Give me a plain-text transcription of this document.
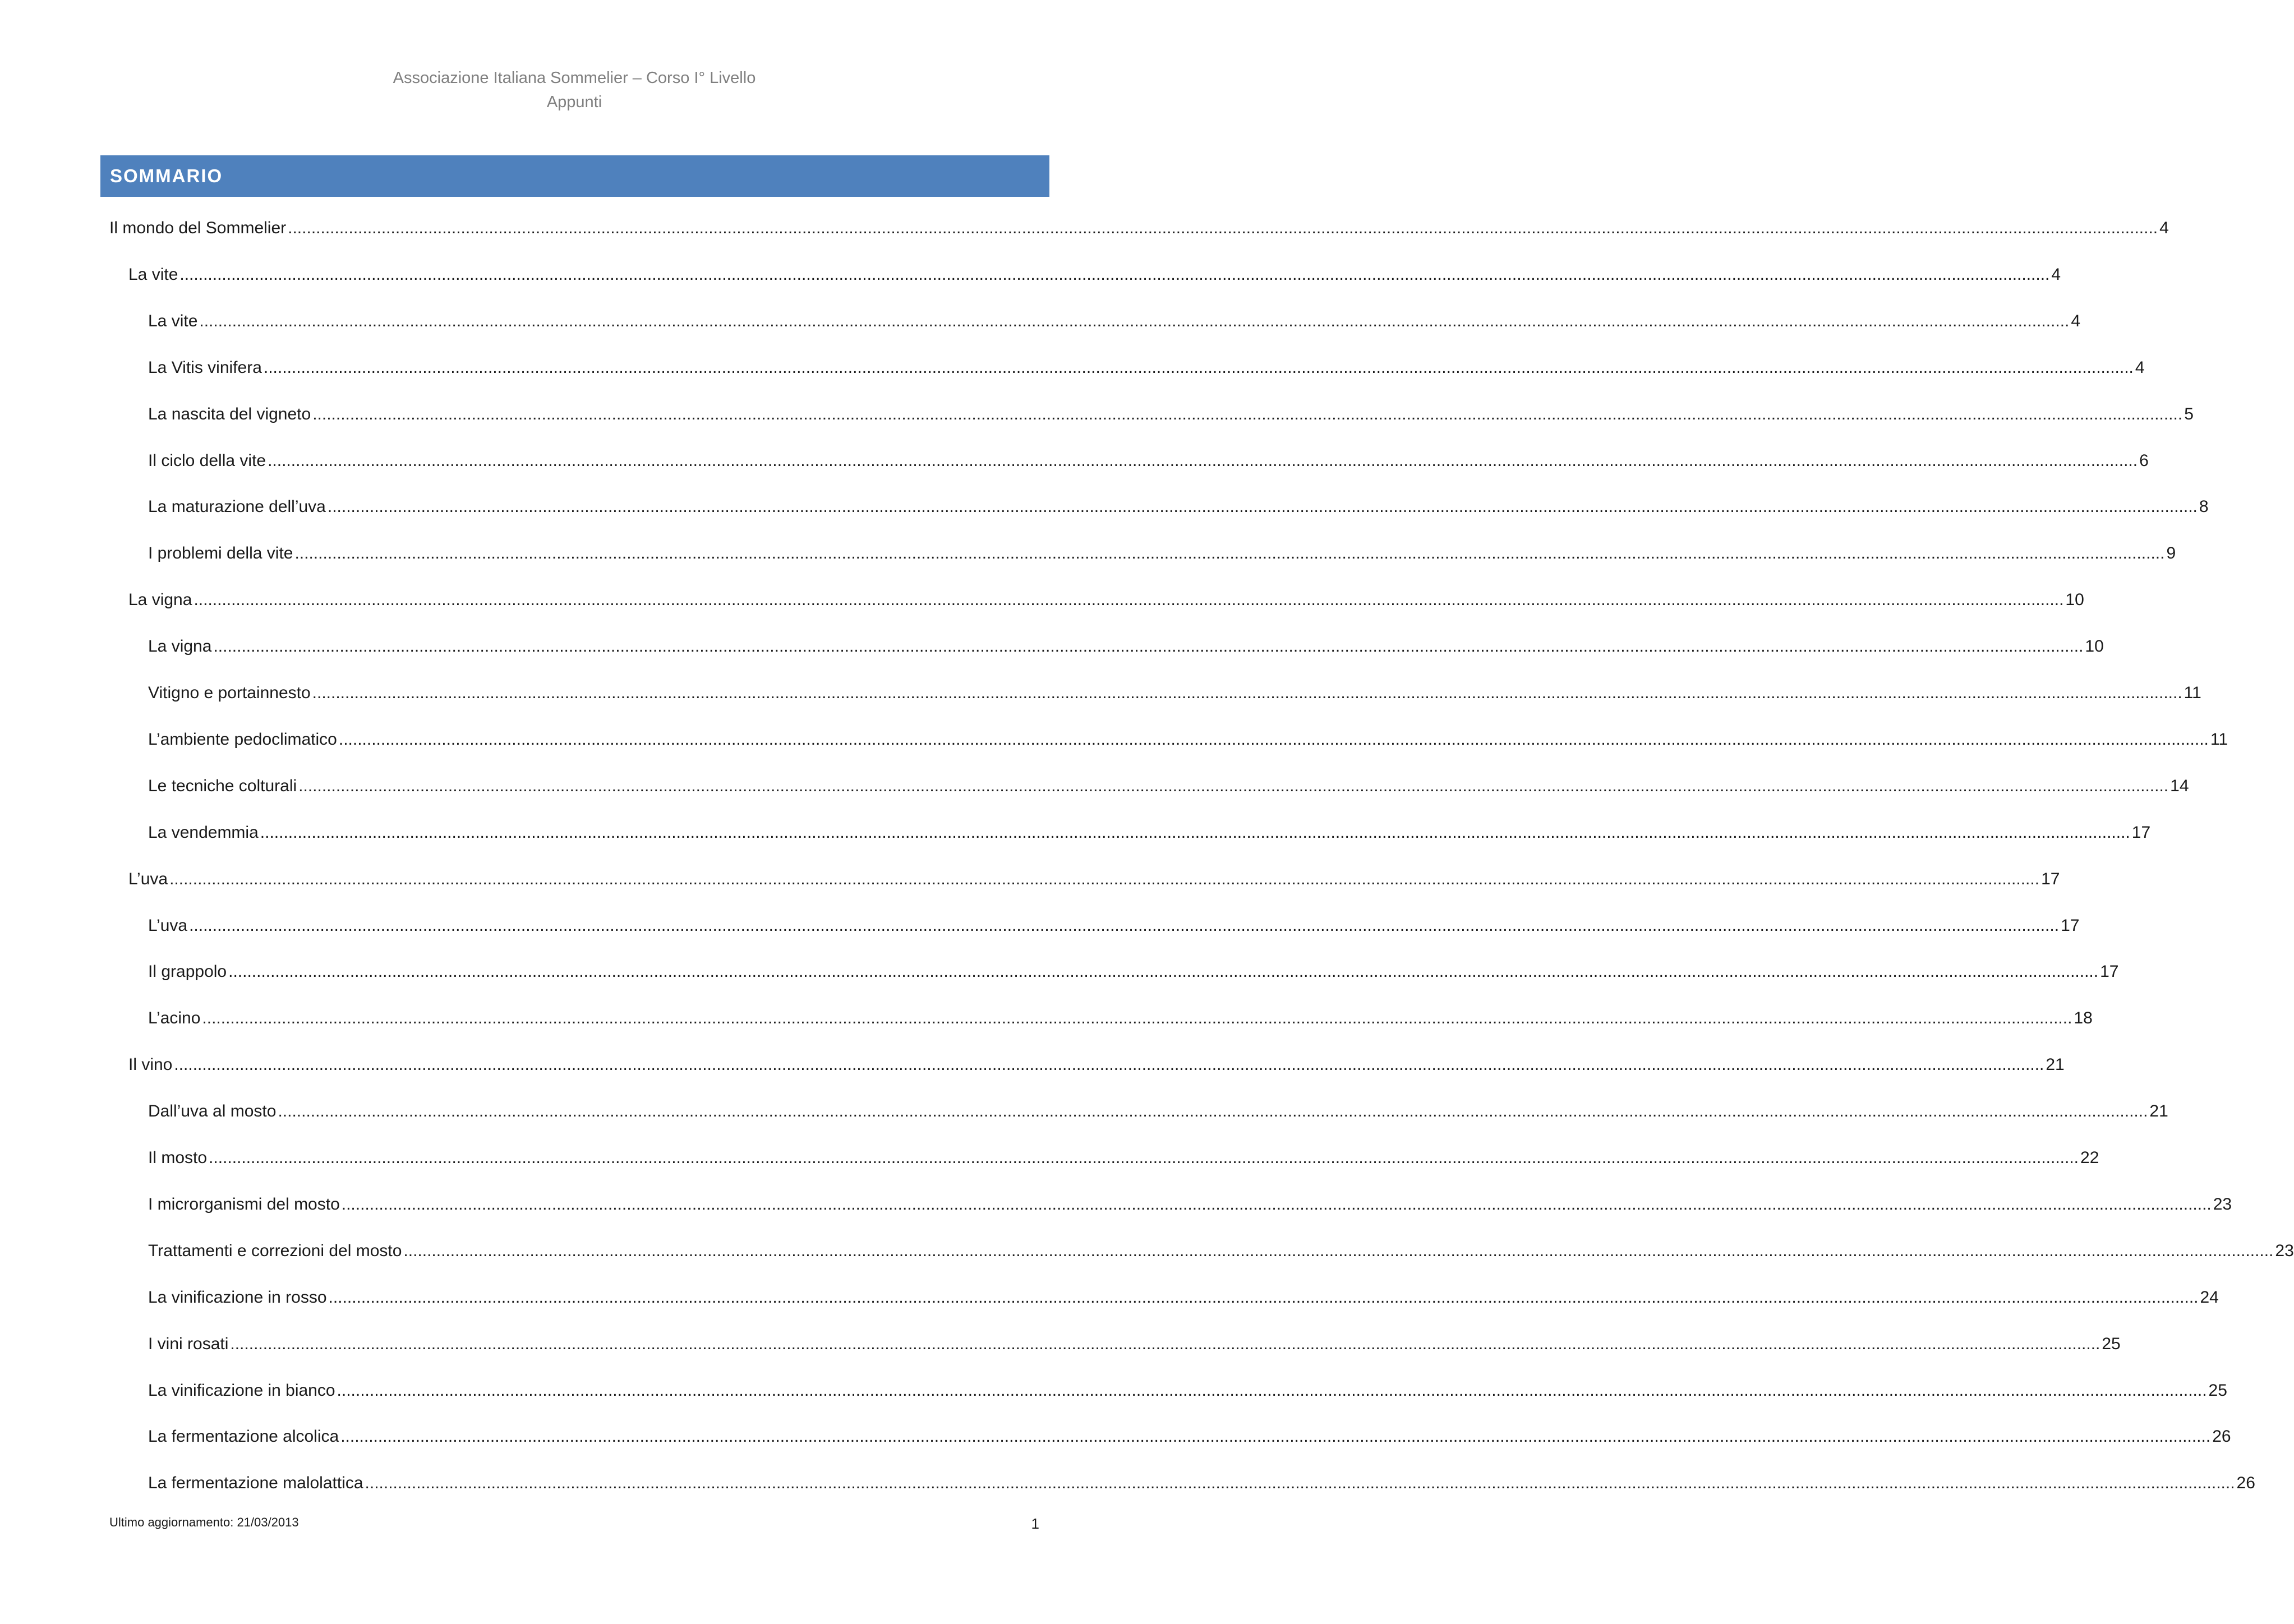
Associazione Italiana Sommelier – Corso I° Livello
Appunti
SOMMARIO
Il mondo del Sommelier ................................................................................................................................................................................................................................................................................................................................................................................................................ 4
La vite ................................................................................................................................................................................................................................................................................................................................................................................................................ 4
La vite ................................................................................................................................................................................................................................................................................................................................................................................................................ 4
La Vitis vinifera ................................................................................................................................................................................................................................................................................................................................................................................................................ 4
La nascita del vigneto ................................................................................................................................................................................................................................................................................................................................................................................................................ 5
Il ciclo della vite ................................................................................................................................................................................................................................................................................................................................................................................................................ 6
La maturazione dell’uva ................................................................................................................................................................................................................................................................................................................................................................................................................ 8
I problemi della vite ................................................................................................................................................................................................................................................................................................................................................................................................................ 9
La vigna ................................................................................................................................................................................................................................................................................................................................................................................................................ 10
La vigna ................................................................................................................................................................................................................................................................................................................................................................................................................ 10
Vitigno e portainnesto ................................................................................................................................................................................................................................................................................................................................................................................................................ 11
L’ambiente pedoclimatico ................................................................................................................................................................................................................................................................................................................................................................................................................ 11
Le tecniche colturali ................................................................................................................................................................................................................................................................................................................................................................................................................ 14
La vendemmia ................................................................................................................................................................................................................................................................................................................................................................................................................ 17
L’uva ................................................................................................................................................................................................................................................................................................................................................................................................................ 17
L’uva ................................................................................................................................................................................................................................................................................................................................................................................................................ 17
Il grappolo ................................................................................................................................................................................................................................................................................................................................................................................................................ 17
L’acino ................................................................................................................................................................................................................................................................................................................................................................................................................ 18
Il vino ................................................................................................................................................................................................................................................................................................................................................................................................................ 21
Dall’uva al mosto ................................................................................................................................................................................................................................................................................................................................................................................................................ 21
Il mosto ................................................................................................................................................................................................................................................................................................................................................................................................................ 22
I microrganismi del mosto ................................................................................................................................................................................................................................................................................................................................................................................................................ 23
Trattamenti e correzioni del mosto ................................................................................................................................................................................................................................................................................................................................................................................................................ 23
La vinificazione in rosso ................................................................................................................................................................................................................................................................................................................................................................................................................ 24
I vini rosati ................................................................................................................................................................................................................................................................................................................................................................................................................ 25
La vinificazione in bianco ................................................................................................................................................................................................................................................................................................................................................................................................................ 25
La fermentazione alcolica ................................................................................................................................................................................................................................................................................................................................................................................................................ 26
La fermentazione malolattica ................................................................................................................................................................................................................................................................................................................................................................................................................ 26
Ultimo aggiornamento: 21/03/2013	1
